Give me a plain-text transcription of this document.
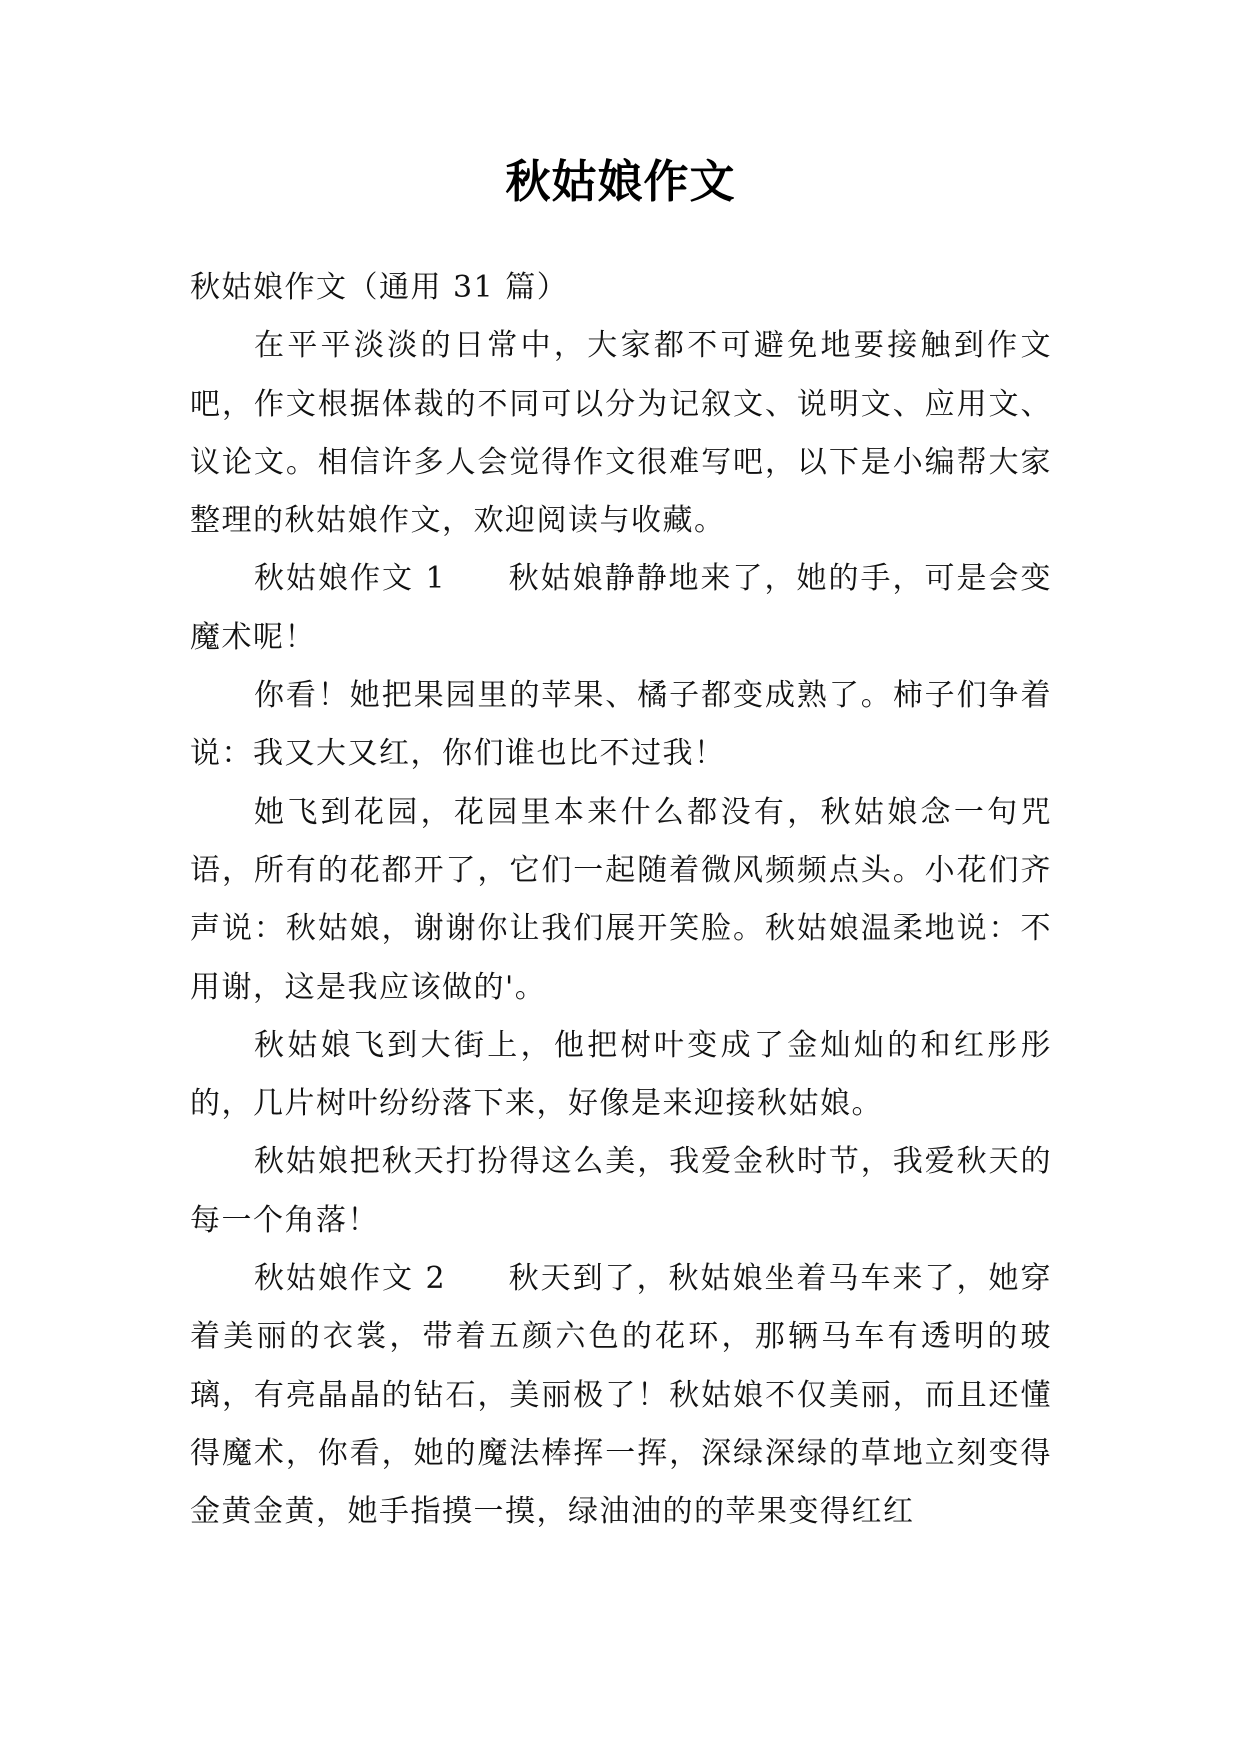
秋姑娘作文

秋姑娘作文（通用 31 篇）

在平平淡淡的日常中，大家都不可避免地要接触到作文吧，作文根据体裁的不同可以分为记叙文、说明文、应用文、议论文。相信许多人会觉得作文很难写吧，以下是小编帮大家整理的秋姑娘作文，欢迎阅读与收藏。

秋姑娘作文 1 秋姑娘静静地来了，她的手，可是会变魔术呢！

你看！她把果园里的苹果、橘子都变成熟了。柿子们争着说：我又大又红，你们谁也比不过我！

她飞到花园，花园里本来什么都没有，秋姑娘念一句咒语，所有的花都开了，它们一起随着微风频频点头。小花们齐声说：秋姑娘，谢谢你让我们展开笑脸。秋姑娘温柔地说：不用谢，这是我应该做的'。

秋姑娘飞到大街上，他把树叶变成了金灿灿的和红彤彤的，几片树叶纷纷落下来，好像是来迎接秋姑娘。

秋姑娘把秋天打扮得这么美，我爱金秋时节，我爱秋天的每一个角落！

秋姑娘作文 2 秋天到了，秋姑娘坐着马车来了，她穿着美丽的衣裳，带着五颜六色的花环，那辆马车有透明的玻璃，有亮晶晶的钻石，美丽极了！秋姑娘不仅美丽，而且还懂得魔术，你看，她的魔法棒挥一挥，深绿深绿的草地立刻变得金黄金黄，她手指摸一摸，绿油油的的苹果变得红红
